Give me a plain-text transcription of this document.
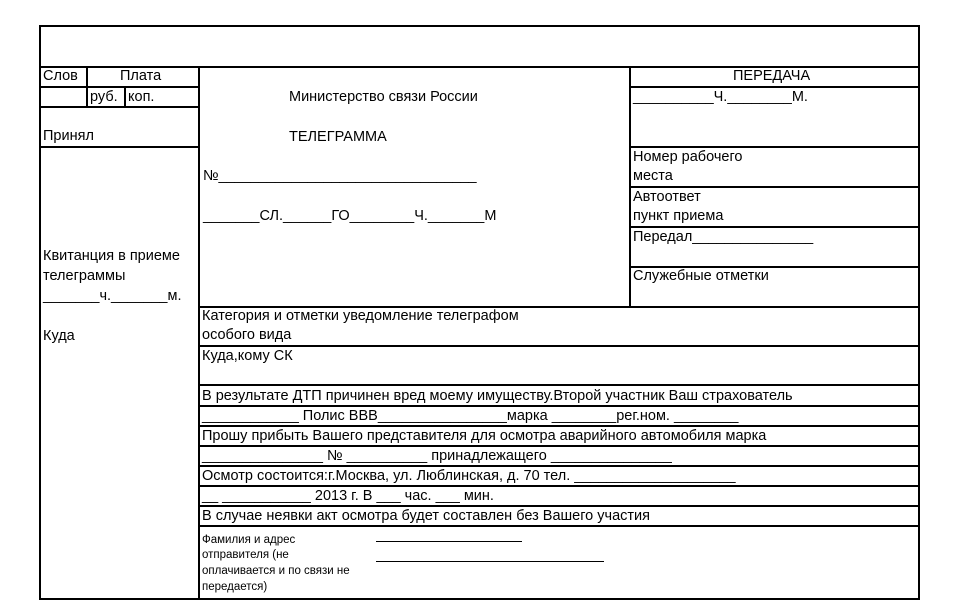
Слов	Плата
руб. коп.
Принял
Квитанция в приеме
телеграммы
_______ч._______м.
Куда
Министерство связи России
ТЕЛЕГРАММА
№________________________________
_______СЛ.______ГО________Ч._______М
ПЕРЕДАЧА
__________Ч.________М.
Номер рабочего
места
Автоответ
пункт приема
Передал_______________
Служебные отметки
Категория и отметки уведомление телеграфом
особого вида
Куда,кому СК
В результате ДТП причинен вред моему имуществу.Второй участник Ваш страхователь
____________ Полис ВВВ________________марка ________рег.ном. ________
Прошу прибыть Вашего представителя для осмотра аварийного автомобиля марка
_______________ № __________ принадлежащего _______________
Осмотр состоится:г.Москва, ул. Люблинская, д. 70 тел. ____________________
__ ___________ 2013 г. В ___ час. ___ мин.
В случае неявки акт осмотра будет составлен без Вашего участия
Фамилия и адрес
отправителя (не
оплачивается и по связи не
передается)
